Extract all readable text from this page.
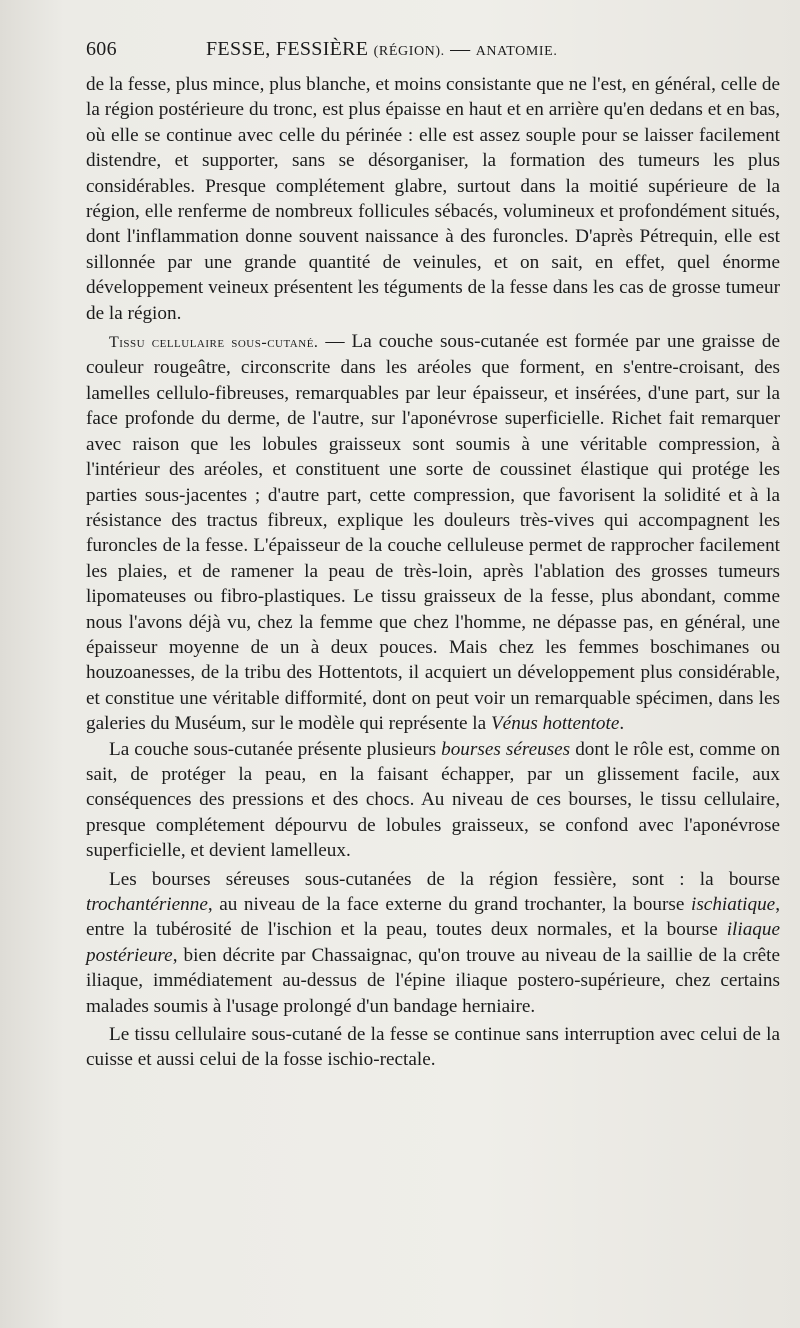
606	FESSE, FESSIÈRE (RÉGION). — ANATOMIE.

de la fesse, plus mince, plus blanche, et moins consistante que ne l'est, en général, celle de la région postérieure du tronc, est plus épaisse en haut et en arrière qu'en dedans et en bas, où elle se continue avec celle du périnée : elle est assez souple pour se laisser facilement distendre, et supporter, sans se désorganiser, la formation des tumeurs les plus considérables. Presque complétement glabre, surtout dans la moitié supérieure de la région, elle renferme de nombreux follicules sébacés, volumineux et profondément situés, dont l'inflammation donne souvent naissance à des furoncles. D'après Pétrequin, elle est sillonnée par une grande quantité de veinules, et on sait, en effet, quel énorme développement veineux présentent les téguments de la fesse dans les cas de grosse tumeur de la région.

Tissu cellulaire sous-cutané. — La couche sous-cutanée est formée par une graisse de couleur rougeâtre, circonscrite dans les aréoles que forment, en s'entre-croisant, des lamelles cellulo-fibreuses, remarquables par leur épaisseur, et insérées, d'une part, sur la face profonde du derme, de l'autre, sur l'aponévrose superficielle. Richet fait remarquer avec raison que les lobules graisseux sont soumis à une véritable compression, à l'intérieur des aréoles, et constituent une sorte de coussinet élastique qui protége les parties sous-jacentes ; d'autre part, cette compression, que favorisent la solidité et à la résistance des tractus fibreux, explique les douleurs très-vives qui accompagnent les furoncles de la fesse. L'épaisseur de la couche celluleuse permet de rapprocher facilement les plaies, et de ramener la peau de très-loin, après l'ablation des grosses tumeurs lipomateuses ou fibro-plastiques. Le tissu graisseux de la fesse, plus abondant, comme nous l'avons déjà vu, chez la femme que chez l'homme, ne dépasse pas, en général, une épaisseur moyenne de un à deux pouces. Mais chez les femmes boschimanes ou houzoanesses, de la tribu des Hottentots, il acquiert un développement plus considérable, et constitue une véritable difformité, dont on peut voir un remarquable spécimen, dans les galeries du Muséum, sur le modèle qui représente la Vénus hottentote.

La couche sous-cutanée présente plusieurs bourses séreuses dont le rôle est, comme on sait, de protéger la peau, en la faisant échapper, par un glissement facile, aux conséquences des pressions et des chocs. Au niveau de ces bourses, le tissu cellulaire, presque complétement dépourvu de lobules graisseux, se confond avec l'aponévrose superficielle, et devient lamelleux.

Les bourses séreuses sous-cutanées de la région fessière, sont : la bourse trochantérienne, au niveau de la face externe du grand trochanter, la bourse ischiatique, entre la tubérosité de l'ischion et la peau, toutes deux normales, et la bourse iliaque postérieure, bien décrite par Chassaignac, qu'on trouve au niveau de la saillie de la crête iliaque, immédiatement au-dessus de l'épine iliaque postero-supérieure, chez certains malades soumis à l'usage prolongé d'un bandage herniaire.

Le tissu cellulaire sous-cutané de la fesse se continue sans interruption avec celui de la cuisse et aussi celui de la fosse ischio-rectale.
